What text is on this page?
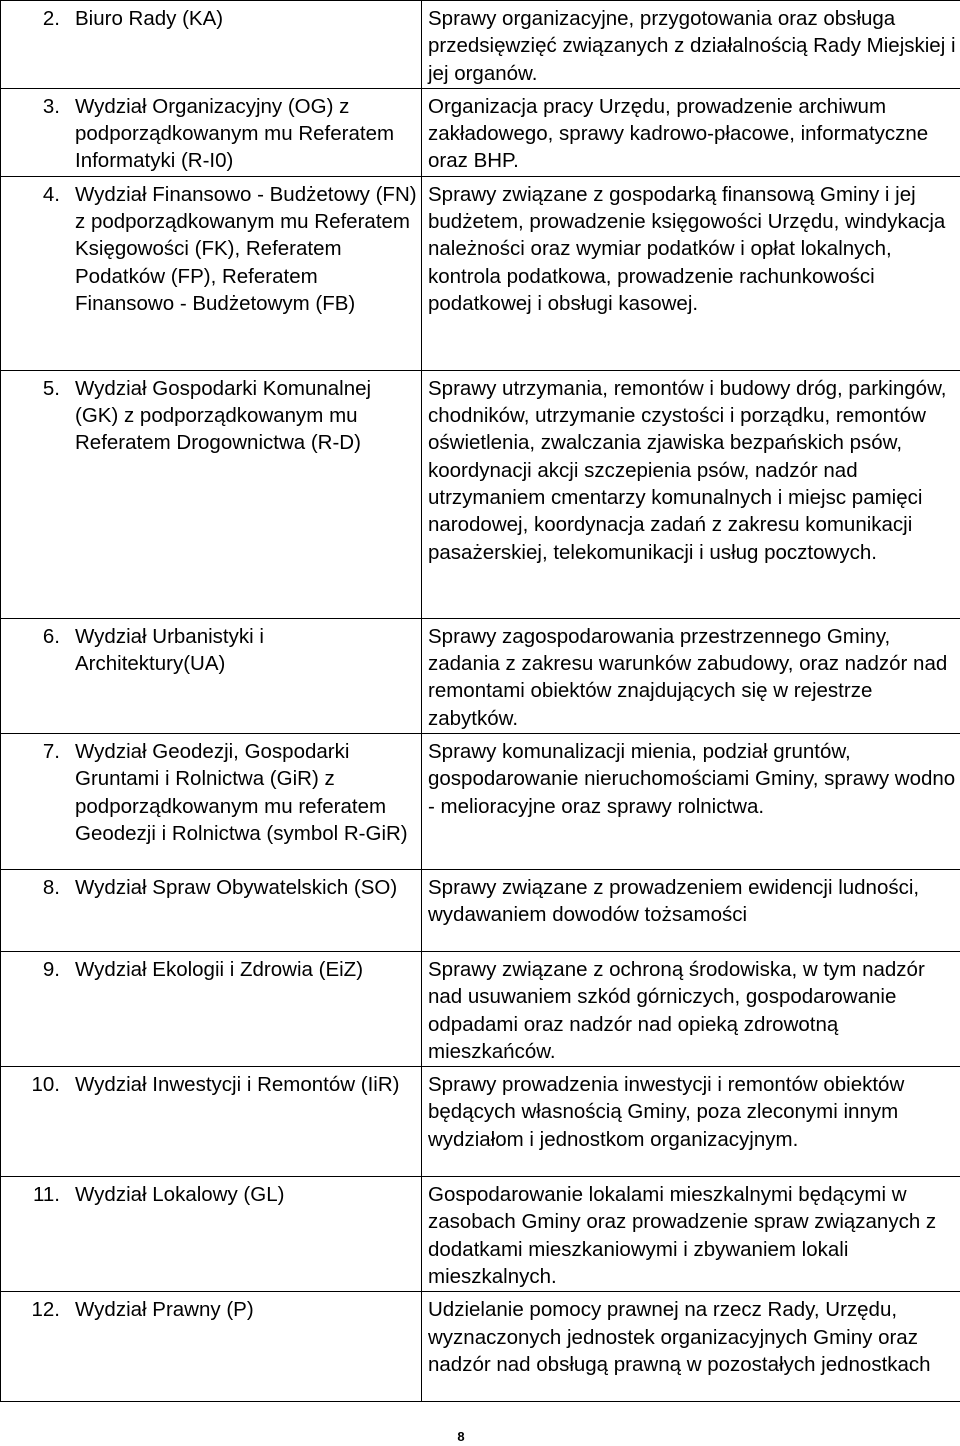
2. Biuro Rady (KA)	Sprawy organizacyjne, przygotowania oraz obsługa przedsięwzięć związanych z działalnością Rady Miejskiej i jej organów.

3. Wydział Organizacyjny (OG) z podporządkowanym mu Referatem Informatyki (R-I0)	Organizacja pracy Urzędu, prowadzenie archiwum zakładowego, sprawy kadrowo-płacowe, informatyczne oraz BHP.

4. Wydział Finansowo - Budżetowy (FN) z podporządkowanym mu Referatem Księgowości (FK), Referatem Podatków (FP), Referatem Finansowo - Budżetowym (FB)	Sprawy związane z gospodarką finansową Gminy i jej budżetem, prowadzenie księgowości Urzędu, windykacja należności oraz wymiar podatków i opłat lokalnych, kontrola podatkowa, prowadzenie rachunkowości podatkowej i obsługi kasowej.

5. Wydział Gospodarki Komunalnej (GK) z podporządkowanym mu Referatem Drogownictwa (R-D)	Sprawy utrzymania, remontów i budowy dróg, parkingów, chodników, utrzymanie czystości i porządku, remontów oświetlenia, zwalczania zjawiska bezpańskich psów, koordynacji akcji szczepienia psów, nadzór nad utrzymaniem cmentarzy komunalnych i miejsc pamięci narodowej, koordynacja zadań z zakresu komunikacji pasażerskiej, telekomunikacji i usług pocztowych.

6. Wydział Urbanistyki i Architektury(UA)	Sprawy zagospodarowania przestrzennego Gminy, zadania z zakresu warunków zabudowy, oraz nadzór nad remontami obiektów znajdujących się w rejestrze zabytków.

7. Wydział Geodezji, Gospodarki Gruntami i Rolnictwa (GiR) z podporządkowanym mu referatem Geodezji i Rolnictwa (symbol R-GiR)	Sprawy komunalizacji mienia, podział gruntów, gospodarowanie nieruchomościami Gminy, sprawy wodno - melioracyjne oraz sprawy rolnictwa.

8. Wydział Spraw Obywatelskich (SO)	Sprawy związane z prowadzeniem ewidencji ludności, wydawaniem dowodów tożsamości

9. Wydział Ekologii i Zdrowia (EiZ)	Sprawy związane z ochroną środowiska, w tym nadzór nad usuwaniem szkód górniczych, gospodarowanie odpadami oraz nadzór nad opieką zdrowotną mieszkańców.

10. Wydział Inwestycji i Remontów (IiR)	Sprawy prowadzenia inwestycji i remontów obiektów będących własnością Gminy, poza zleconymi innym wydziałom i jednostkom organizacyjnym.

11. Wydział Lokalowy (GL)	Gospodarowanie lokalami mieszkalnymi będącymi w zasobach Gminy oraz prowadzenie spraw związanych z dodatkami mieszkaniowymi i zbywaniem lokali mieszkalnych.

12. Wydział Prawny (P)	Udzielanie pomocy prawnej na rzecz Rady, Urzędu, wyznaczonych jednostek organizacyjnych Gminy oraz nadzór nad obsługą prawną w pozostałych jednostkach
8
